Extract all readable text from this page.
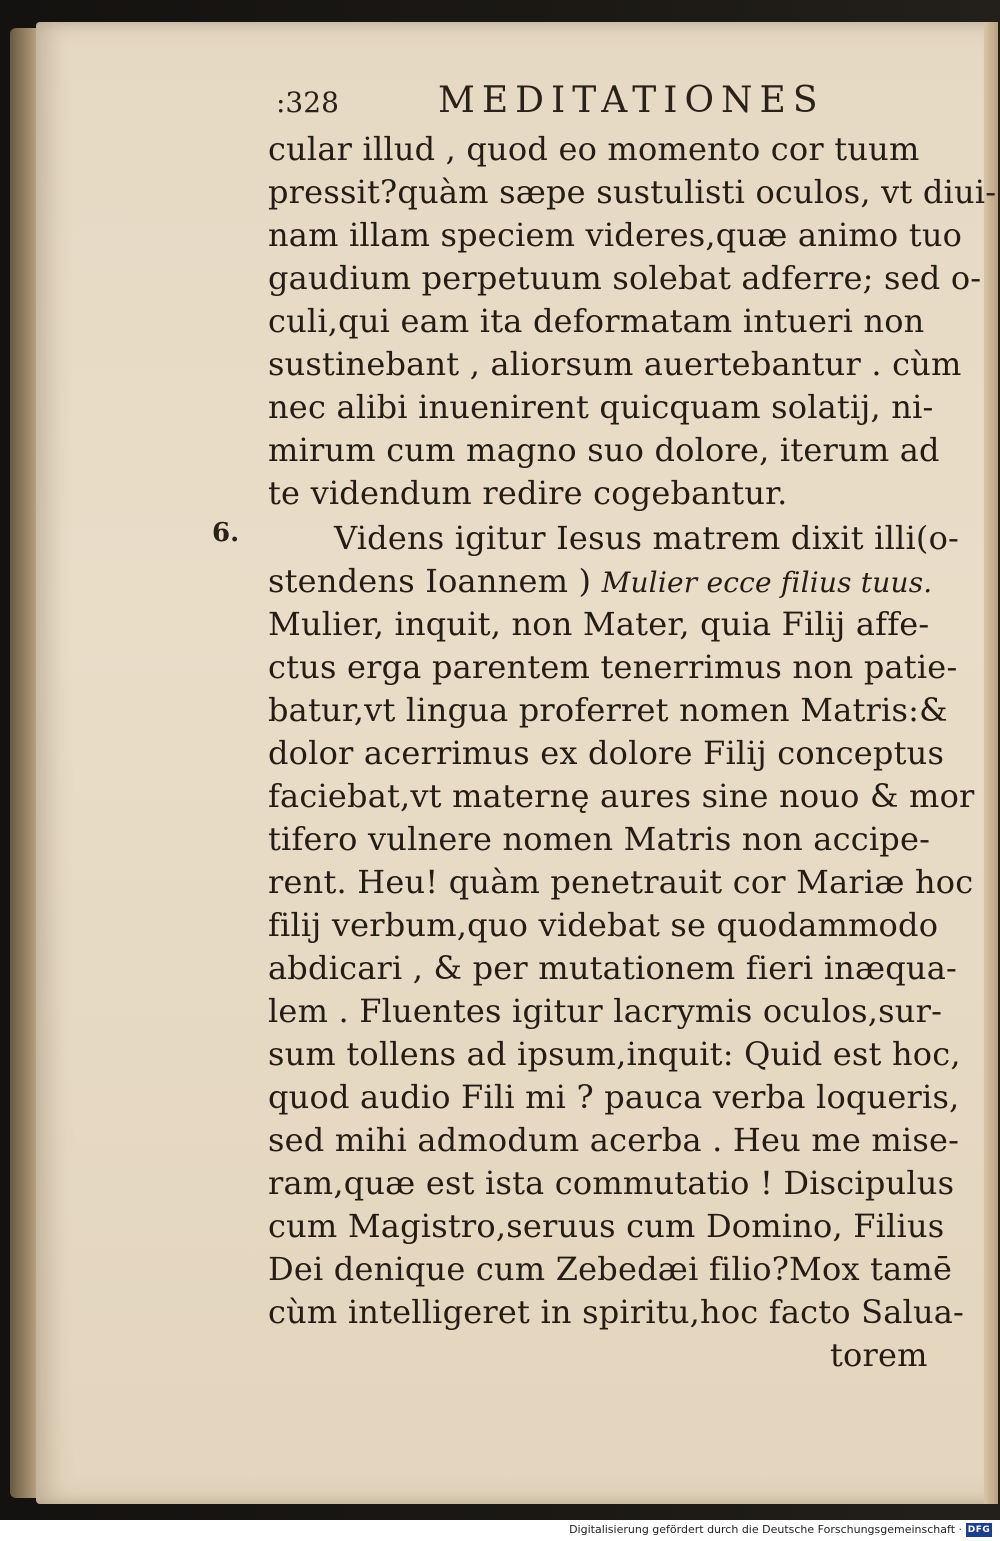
:328	MEDITATIONES
6.
cular illud , quod eo momento cor tuum
pressit?quàm sæpe sustulisti oculos, vt diui-
nam illam speciem videres,quæ animo tuo
gaudium perpetuum solebat adferre; sed o-
culi,qui eam ita deformatam intueri non
sustinebant , aliorsum auertebantur . cùm
nec alibi inuenirent quicquam solatij, ni-
mirum cum magno suo dolore, iterum ad
te videndum redire cogebantur.
Videns igitur Iesus matrem dixit illi(o-
stendens Ioannem ) Mulier ecce filius tuus.
Mulier, inquit, non Mater, quia Filij affe-
ctus erga parentem tenerrimus non patie-
batur,vt lingua proferret nomen Matris:&
dolor acerrimus ex dolore Filij conceptus
faciebat,vt maternę aures sine nouo & mor
tifero vulnere nomen Matris non accipe-
rent. Heu! quàm penetrauit cor Mariæ hoc
filij verbum,quo videbat se quodammodo
abdicari , & per mutationem fieri inæqua-
lem . Fluentes igitur lacrymis oculos,sur-
sum tollens ad ipsum,inquit: Quid est hoc,
quod audio Fili mi ? pauca verba loqueris,
sed mihi admodum acerba . Heu me mise-
ram,quæ est ista commutatio ! Discipulus
cum Magistro,seruus cum Domino, Filius
Dei denique cum Zebedæi filio?Mox tamē
cùm intelligeret in spiritu,hoc facto Salua-
torem
Digitalisierung gefördert durch die Deutsche Forschungsgemeinschaft · DFG
